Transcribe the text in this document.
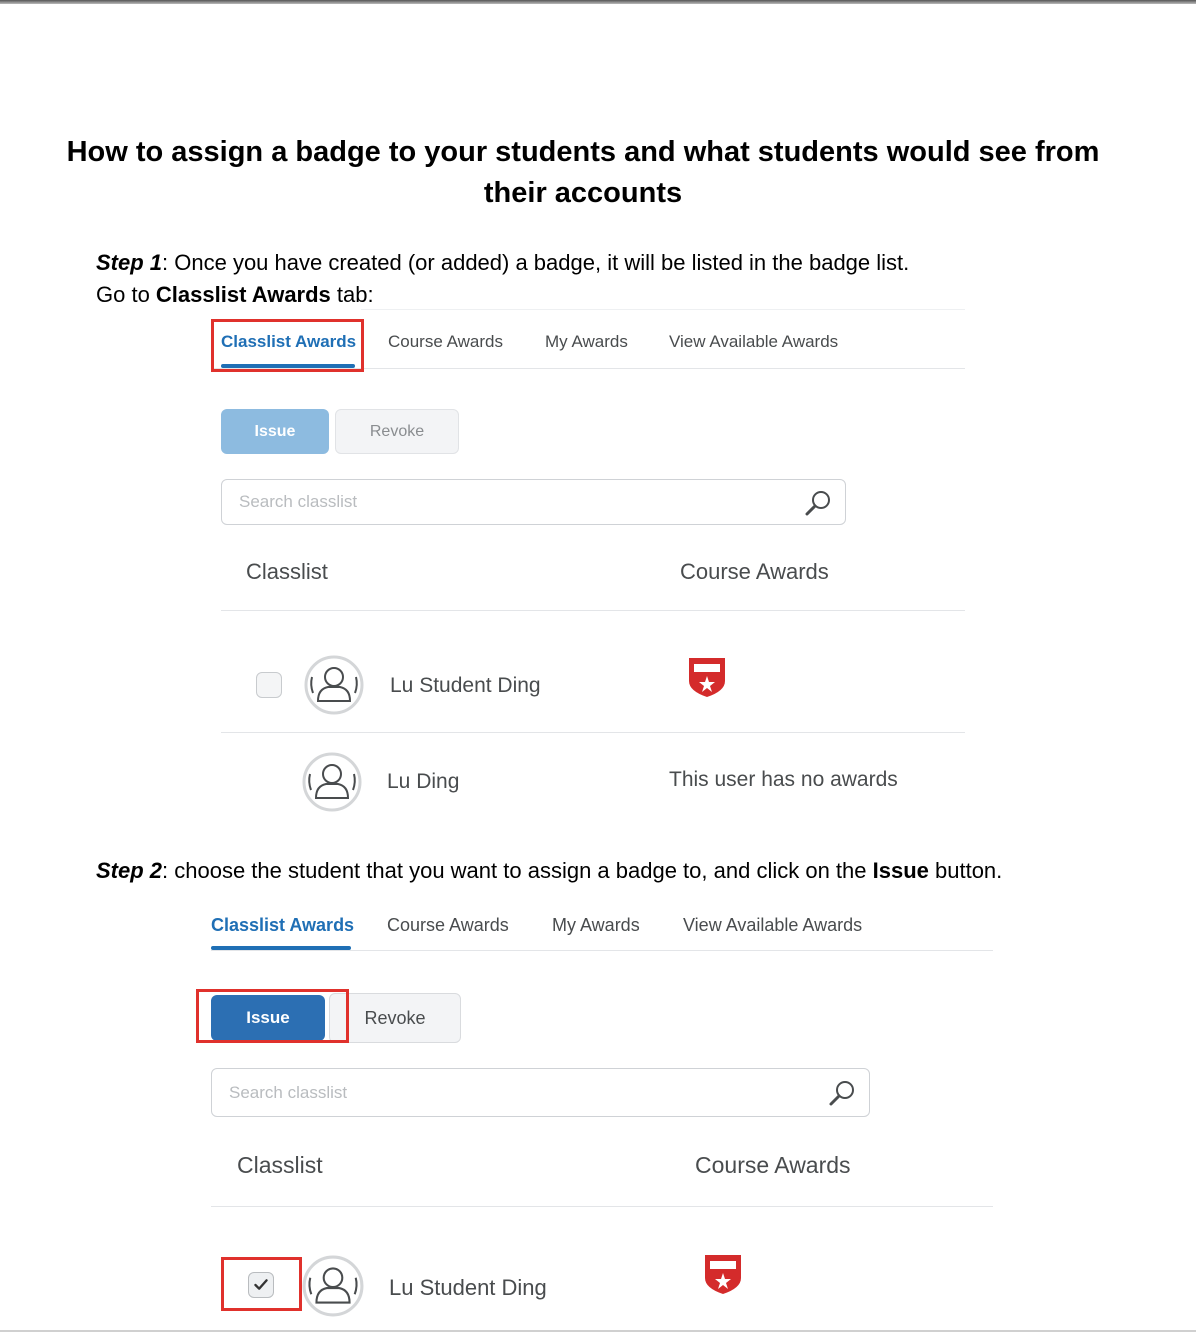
How to assign a badge to your students and what students would see from their accounts

Step 1: Once you have created (or added) a badge, it will be listed in the badge list.

Go to Classlist Awards tab:

Classlist Awards Course Awards My Awards View Available Awards
Issue	Revoke
Search classlist
Classlist	Course Awards
Lu Student Ding
Lu Ding	This user has no awards

Step 2: choose the student that you want to assign a badge to, and click on the Issue button.

Classlist Awards Course Awards My Awards View Available Awards
Revoke
Issue
Search classlist
Classlist	Course Awards
Lu Student Ding
